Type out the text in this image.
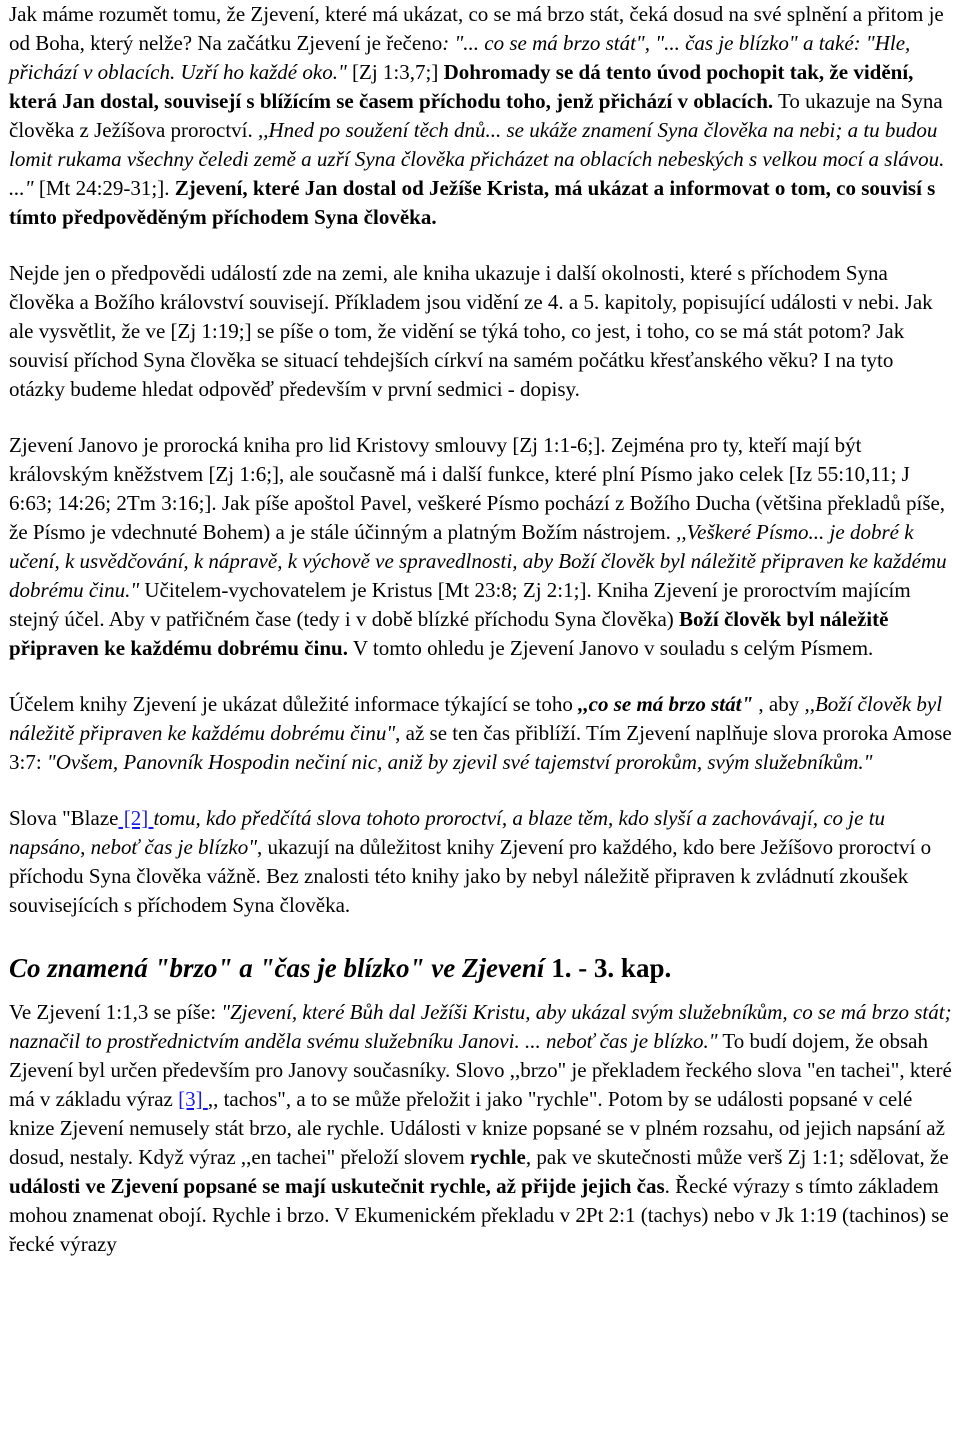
Jak máme rozumět tomu, že Zjevení, které má ukázat, co se má brzo stát, čeká dosud na své splnění a přitom je od Boha, který nelže? Na začátku Zjevení je řečeno: "... co se má brzo stát", "... čas je blízko" a také: "Hle, přichází v oblacích. Uzří ho každé oko." [Zj 1:3,7;] Dohromady se dá tento úvod pochopit tak, že vidění, která Jan dostal, souvisejí s blížícím se časem příchodu toho, jenž přichází v oblacích. To ukazuje na Syna člověka z Ježíšova proroctví. ,,Hned po soužení těch dnů... se ukáže znamení Syna člověka na nebi; a tu budou lomit rukama všechny čeledi země a uzří Syna člověka přicházet na oblacích nebeských s velkou mocí a slávou. ..." [Mt 24:29-31;]. Zjevení, které Jan dostal od Ježíše Krista, má ukázat a informovat o tom, co souvisí s tímto předpověděným příchodem Syna člověka.

Nejde jen o předpovědi událostí zde na zemi, ale kniha ukazuje i další okolnosti, které s příchodem Syna člověka a Božího království souvisejí. Příkladem jsou vidění ze 4. a 5. kapitoly, popisující události v nebi. Jak ale vysvětlit, že ve [Zj 1:19;] se píše o tom, že vidění se týká toho, co jest, i toho, co se má stát potom? Jak souvisí příchod Syna člověka se situací tehdejších církví na samém počátku křesťanského věku? I na tyto otázky budeme hledat odpověď především v první sedmici - dopisy.

Zjevení Janovo je prorocká kniha pro lid Kristovy smlouvy [Zj 1:1-6;]. Zejména pro ty, kteří mají být královským kněžstvem [Zj 1:6;], ale současně má i další funkce, které plní Písmo jako celek [Iz 55:10,11; J 6:63; 14:26; 2Tm 3:16;]. Jak píše apoštol Pavel, veškeré Písmo pochází z Božího Ducha (většina překladů píše, že Písmo je vdechnuté Bohem) a je stále účinným a platným Božím nástrojem. ,,Veškeré Písmo... je dobré k učení, k usvědčování, k nápravě, k výchově ve spravedlnosti, aby Boží člověk byl náležitě připraven ke každému dobrému činu." Učitelem-vychovatelem je Kristus [Mt 23:8; Zj 2:1;]. Kniha Zjevení je proroctvím majícím stejný účel. Aby v patřičném čase (tedy i v době blízké příchodu Syna člověka) Boží člověk byl náležitě připraven ke každému dobrému činu. V tomto ohledu je Zjevení Janovo v souladu s celým Písmem.

Účelem knihy Zjevení je ukázat důležité informace týkající se toho ,,co se má brzo stát" , aby ,,Boží člověk byl náležitě připraven ke každému dobrému činu", až se ten čas přiblíží. Tím Zjevení naplňuje slova proroka Amose 3:7: "Ovšem, Panovník Hospodin nečiní nic, aniž by zjevil své tajemství prorokům, svým služebníkům."

Slova "Blaze [2] tomu, kdo předčítá slova tohoto proroctví, a blaze těm, kdo slyší a zachovávají, co je tu napsáno, neboť čas je blízko", ukazují na důležitost knihy Zjevení pro každého, kdo bere Ježíšovo proroctví o příchodu Syna člověka vážně. Bez znalosti této knihy jako by nebyl náležitě připraven k zvládnutí zkoušek souvisejících s příchodem Syna člověka.

Co znamená "brzo" a "čas je blízko" ve Zjevení 1. - 3. kap.

Ve Zjevení 1:1,3 se píše: "Zjevení, které Bůh dal Ježíši Kristu, aby ukázal svým služebníkům, co se má brzo stát; naznačil to prostřednictvím anděla svému služebníku Janovi. ... neboť čas je blízko." To budí dojem, že obsah Zjevení byl určen především pro Janovy současníky. Slovo ,,brzo" je překladem řeckého slova "en tachei", které má v základu výraz [3] ,, tachos", a to se může přeložit i jako "rychle". Potom by se události popsané v celé knize Zjevení nemusely stát brzo, ale rychle. Události v knize popsané se v plném rozsahu, od jejich napsání až dosud, nestaly. Když výraz ,,en tachei" přeloží slovem rychle, pak ve skutečnosti může verš Zj 1:1; sdělovat, že události ve Zjevení popsané se mají uskutečnit rychle, až přijde jejich čas. Řecké výrazy s tímto základem mohou znamenat obojí. Rychle i brzo. V Ekumenickém překladu v 2Pt 2:1 (tachys) nebo v Jk 1:19 (tachinos) se řecké výrazy
